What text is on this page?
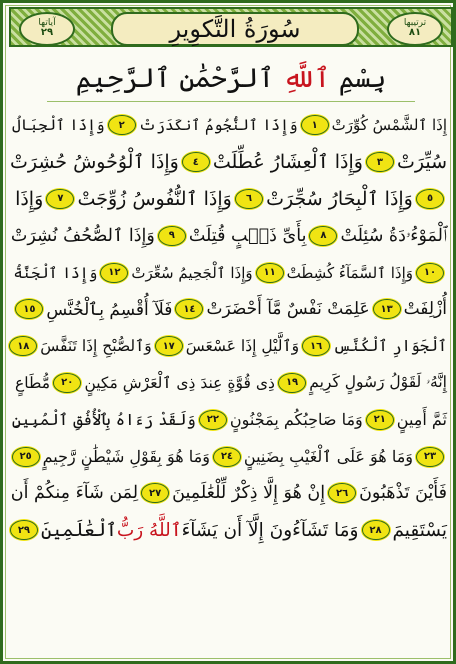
ترتيبها
٨١
سُورَةُ التَّكوِيرِ
آياتها
٢٩
بِسْمِ ٱللَّهِ ٱلرَّحْمَٰنِ ٱلرَّحِيمِ
إِذَا ٱلشَّمْسُ كُوِّرَتْ
١
وَإِذَا ٱلنُّجُومُ ٱنكَدَرَتْ
٢
وَإِذَا ٱلْجِبَالُ
سُيِّرَتْ
٣
وَإِذَا ٱلْعِشَارُ عُطِّلَتْ
٤
وَإِذَا ٱلْوُحُوشُ حُشِرَتْ
٥
وَإِذَا ٱلْبِحَارُ سُجِّرَتْ
٦
وَإِذَا ٱلنُّفُوسُ زُوِّجَتْ
٧
وَإِذَا
ٱلْمَوْءُۥدَةُ سُئِلَتْ
٨
بِأَىِّ ذَنۢبٍ قُتِلَتْ
٩
وَإِذَا ٱلصُّحُفُ نُشِرَتْ
١٠
وَإِذَا ٱلسَّمَآءُ كُشِطَتْ
١١
وَإِذَا ٱلْجَحِيمُ سُعِّرَتْ
١٢
وَإِذَا ٱلْجَنَّةُ
أُزْلِفَتْ
١٣
عَلِمَتْ نَفْسٌ مَّآ أَحْضَرَتْ
١٤
فَلَآ أُقْسِمُ بِٱلْخُنَّسِ
١٥
ٱلْجَوَارِ ٱلْكُنَّسِ
١٦
وَٱلَّيْلِ إِذَا عَسْعَسَ
١٧
وَٱلصُّبْحِ إِذَا تَنَفَّسَ
١٨
إِنَّهُۥ لَقَوْلُ رَسُولٍ كَرِيمٍ
١٩
ذِى قُوَّةٍ عِندَ ذِى ٱلْعَرْشِ مَكِينٍ
٢٠
مُّطَاعٍ
ثَمَّ أَمِينٍ
٢١
وَمَا صَاحِبُكُم بِمَجْنُونٍ
٢٢
وَلَقَدْ رَءَاهُ بِٱلْأُفُقِ ٱلْمُبِينِ
٢٣
وَمَا هُوَ عَلَى ٱلْغَيْبِ بِضَنِينٍ
٢٤
وَمَا هُوَ بِقَوْلِ شَيْطَٰنٍ رَّجِيمٍ
٢٥
فَأَيْنَ تَذْهَبُونَ
٢٦
إِنْ هُوَ إِلَّا ذِكْرٌ لِّلْعَٰلَمِينَ
٢٧
لِمَن شَآءَ مِنكُمْ أَن
يَسْتَقِيمَ
٢٨
وَمَا تَشَآءُونَ إِلَّآ أَن يَشَآءَ
ٱللَّهُ رَبُّ
ٱلْعَٰلَمِينَ
٢٩
